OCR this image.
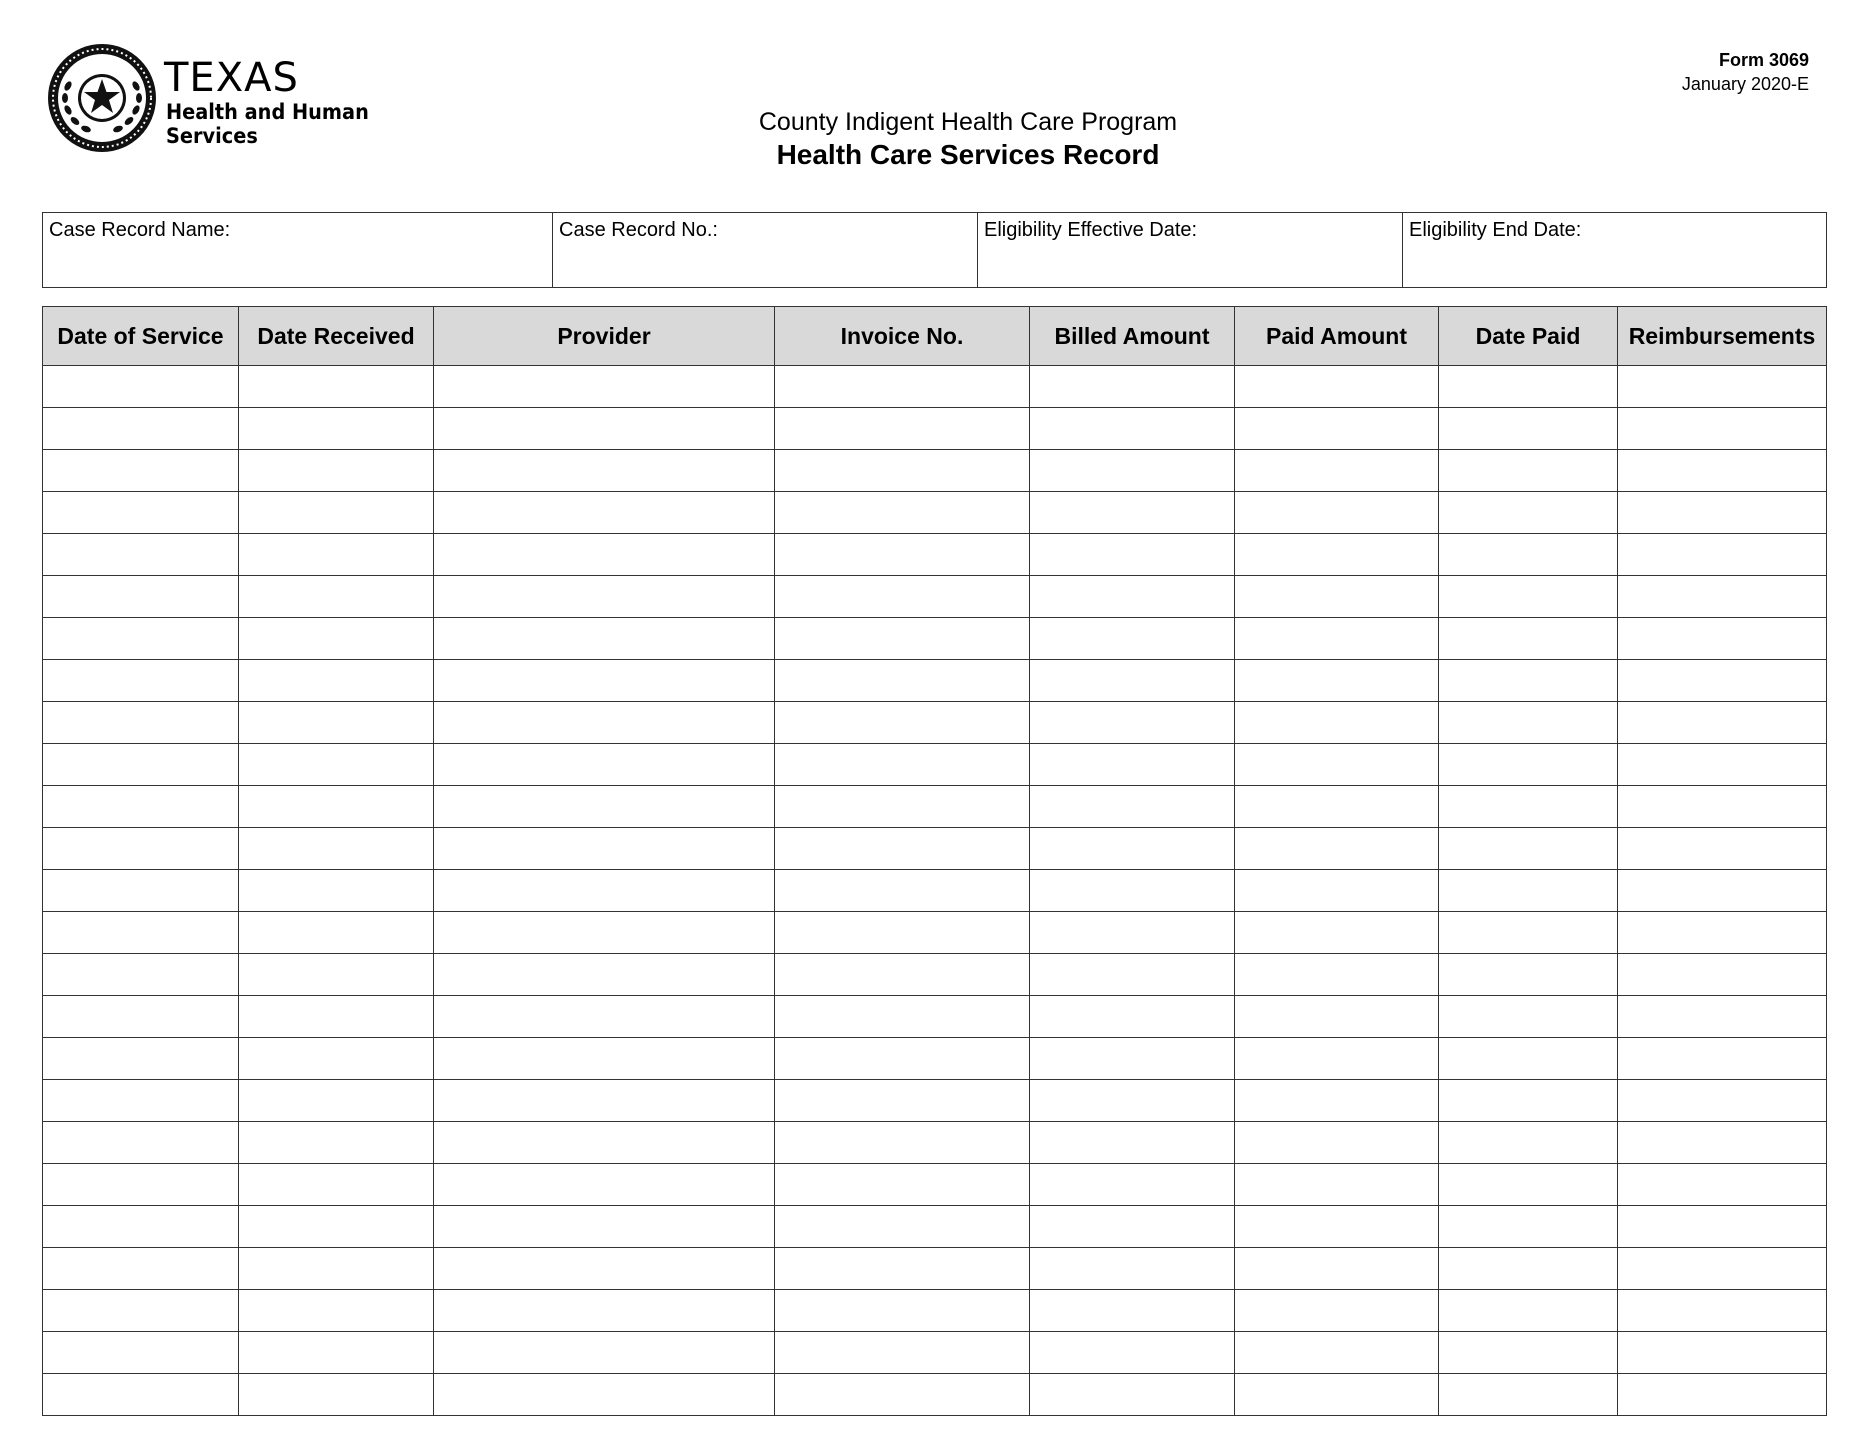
TEXAS
Health and Human
Services
Form 3069
January 2020-E
County Indigent Health Care Program
Health Care Services Record
Case Record Name:	Case Record No.:	Eligibility Effective Date:	Eligibility End Date:
Date of Service	Date Received	Provider	Invoice No.	Billed Amount	Paid Amount	Date Paid	Reimbursements
